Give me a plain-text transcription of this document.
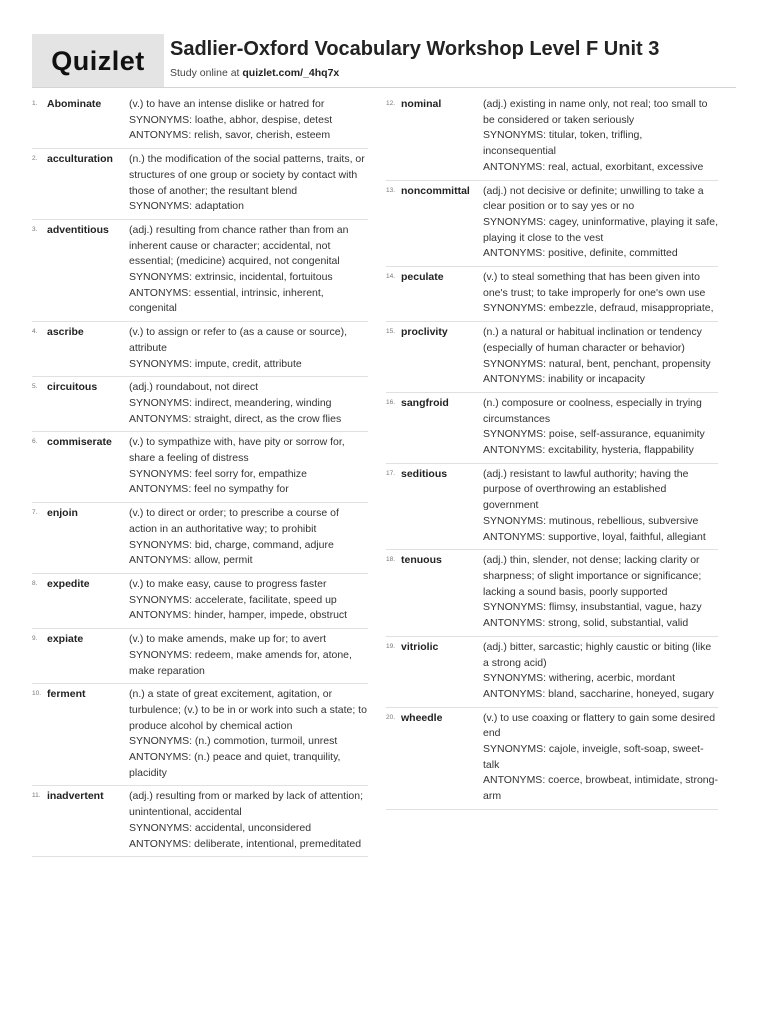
Quizlet	Sadlier-Oxford Vocabulary Workshop Level F Unit 3
Study online at quizlet.com/_4hq7x
1. Abominate	(v.) to have an intense dislike or hatred for
SYNONYMS: loathe, abhor, despise, detest
ANTONYMS: relish, savor, cherish, esteem
2. acculturation	(n.) the modification of the social patterns, traits, or structures of one group or society by contact with those of another; the resultant blend
SYNONYMS: adaptation
3. adventitious	(adj.) resulting from chance rather than from an inherent cause or character; accidental, not essential; (medicine) acquired, not congenital
SYNONYMS: extrinsic, incidental, fortuitous
ANTONYMS: essential, intrinsic, inherent, congenital
4. ascribe	(v.) to assign or refer to (as a cause or source), attribute
SYNONYMS: impute, credit, attribute
5. circuitous	(adj.) roundabout, not direct
SYNONYMS: indirect, meandering, winding
ANTONYMS: straight, direct, as the crow flies
6. commiserate	(v.) to sympathize with, have pity or sorrow for, share a feeling of distress
SYNONYMS: feel sorry for, empathize
ANTONYMS: feel no sympathy for
7. enjoin	(v.) to direct or order; to prescribe a course of action in an authoritative way; to prohibit
SYNONYMS: bid, charge, command, adjure
ANTONYMS: allow, permit
8. expedite	(v.) to make easy, cause to progress faster
SYNONYMS: accelerate, facilitate, speed up
ANTONYMS: hinder, hamper, impede, obstruct
9. expiate	(v.) to make amends, make up for; to avert
SYNONYMS: redeem, make amends for, atone, make reparation
10. ferment	(n.) a state of great excitement, agitation, or turbulence; (v.) to be in or work into such a state; to produce alcohol by chemical action
SYNONYMS: (n.) commotion, turmoil, unrest
ANTONYMS: (n.) peace and quiet, tranquility, placidity
11. inadvertent	(adj.) resulting from or marked by lack of attention; unintentional, accidental
SYNONYMS: accidental, unconsidered
ANTONYMS: deliberate, intentional, premeditated
12. nominal	(adj.) existing in name only, not real; too small to be considered or taken seriously
SYNONYMS: titular, token, trifling, inconsequential
ANTONYMS: real, actual, exorbitant, excessive
13. noncommittal	(adj.) not decisive or definite; unwilling to take a clear position or to say yes or no
SYNONYMS: cagey, uninformative, playing it safe, playing it close to the vest
ANTONYMS: positive, definite, committed
14. peculate	(v.) to steal something that has been given into one's trust; to take improperly for one's own use
SYNONYMS: embezzle, defraud, misappropriate,
15. proclivity	(n.) a natural or habitual inclination or tendency (especially of human character or behavior)
SYNONYMS: natural, bent, penchant, propensity
ANTONYMS: inability or incapacity
16. sangfroid	(n.) composure or coolness, especially in trying circumstances
SYNONYMS: poise, self-assurance, equanimity
ANTONYMS: excitability, hysteria, flappability
17. seditious	(adj.) resistant to lawful authority; having the purpose of overthrowing an established government
SYNONYMS: mutinous, rebellious, subversive
ANTONYMS: supportive, loyal, faithful, allegiant
18. tenuous	(adj.) thin, slender, not dense; lacking clarity or sharpness; of slight importance or significance; lacking a sound basis, poorly supported
SYNONYMS: flimsy, insubstantial, vague, hazy
ANTONYMS: strong, solid, substantial, valid
19. vitriolic	(adj.) bitter, sarcastic; highly caustic or biting (like a strong acid)
SYNONYMS: withering, acerbic, mordant
ANTONYMS: bland, saccharine, honeyed, sugary
20. wheedle	(v.) to use coaxing or flattery to gain some desired end
SYNONYMS: cajole, inveigle, soft-soap, sweet-talk
ANTONYMS: coerce, browbeat, intimidate, strong-arm
